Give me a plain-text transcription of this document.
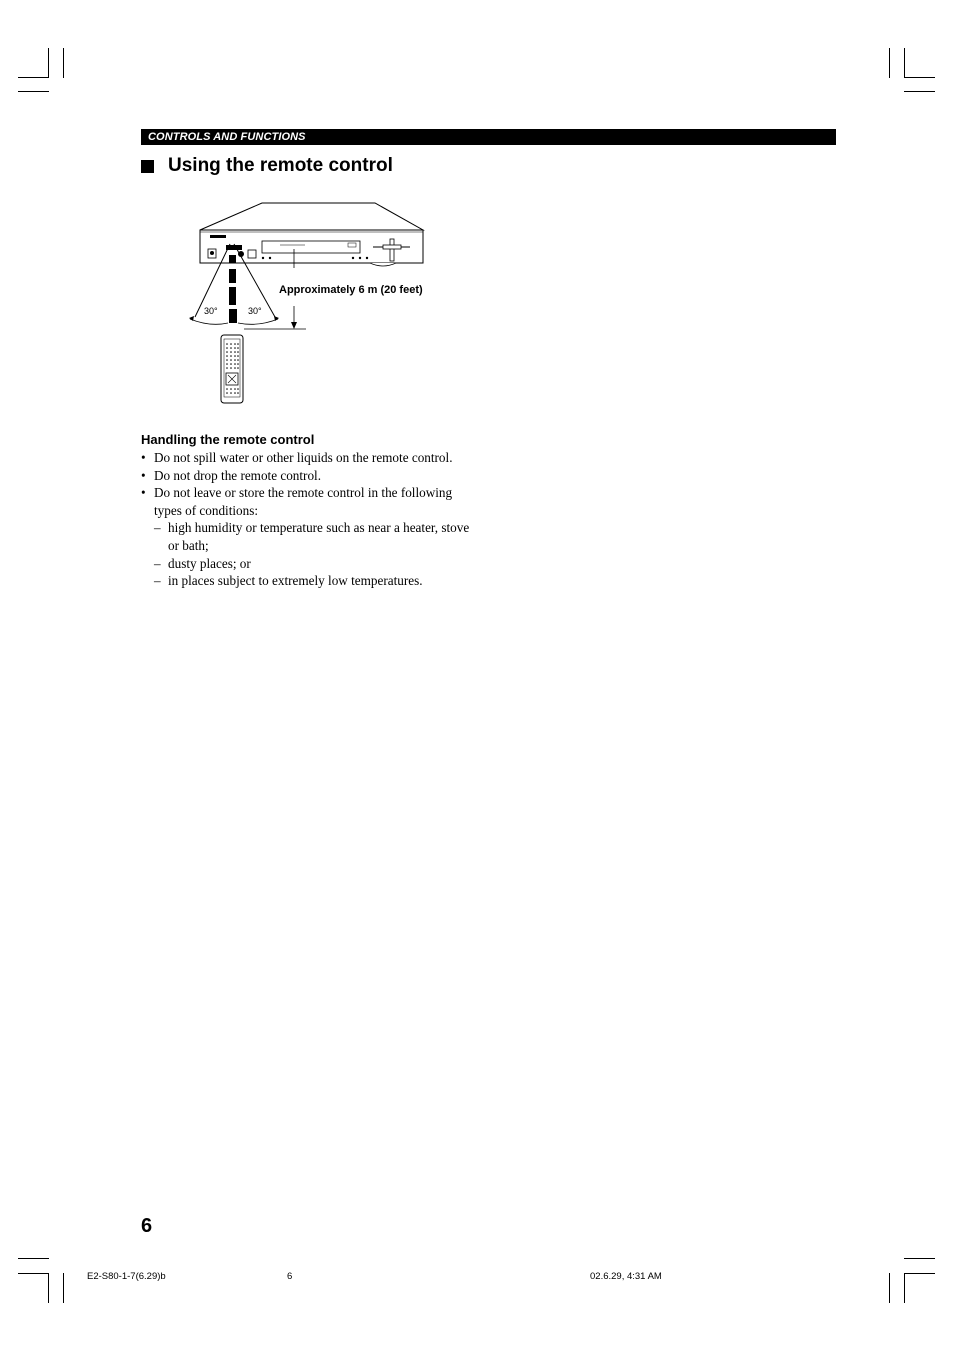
CONTROLS AND FUNCTIONS
Using the remote control
Approximately 6 m (20 feet)
30°	30°
Handling the remote control
• Do not spill water or other liquids on the remote control.
• Do not drop the remote control.
• Do not leave or store the remote control in the following types of conditions:
– high humidity or temperature such as near a heater, stove or bath;
– dusty places; or
– in places subject to extremely low temperatures.
6
E2-S80-1-7(6.29)b	6	02.6.29, 4:31 AM
